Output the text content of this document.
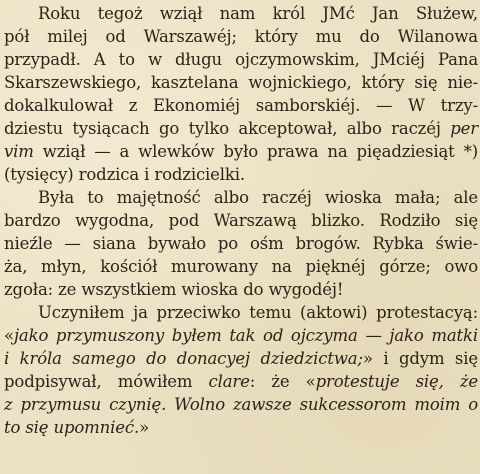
Roku tegoż wziął nam król JMć Jan Służew,
pół milej od Warszawéj; który mu do Wilanowa
przypadł. A to w długu ojczymowskim, JMciéj Pana
Skarszewskiego, kasztelana wojnickiego, który się nie-
dokalkulował z Ekonomiéj samborskiéj. — W trzy-
dziestu tysiącach go tylko akceptował, albo raczéj per
vim wziął — a wlewków było prawa na pięadziesiąt *)
(tysięcy) rodzica i rodzicielki.
Była to majętność albo raczéj wioska mała; ale
bardzo wygodna, pod Warszawą blizko. Rodziło się
nieźle — siana bywało po ośm brogów. Rybka świe-
ża, młyn, kościół murowany na pięknéj górze; owo
zgoła: ze wszystkiem wioska do wygodéj!
Uczyniłem ja przeciwko temu (aktowi) protestacyą:
«jako przymuszony byłem tak od ojczyma — jako matki
i króla samego do donacyej dziedzictwa;» i gdym się
podpisywał, mówiłem clare: że «protestuje się, że
z przymusu czynię. Wolno zawsze sukcessorom moim o
to się upomnieć.»
